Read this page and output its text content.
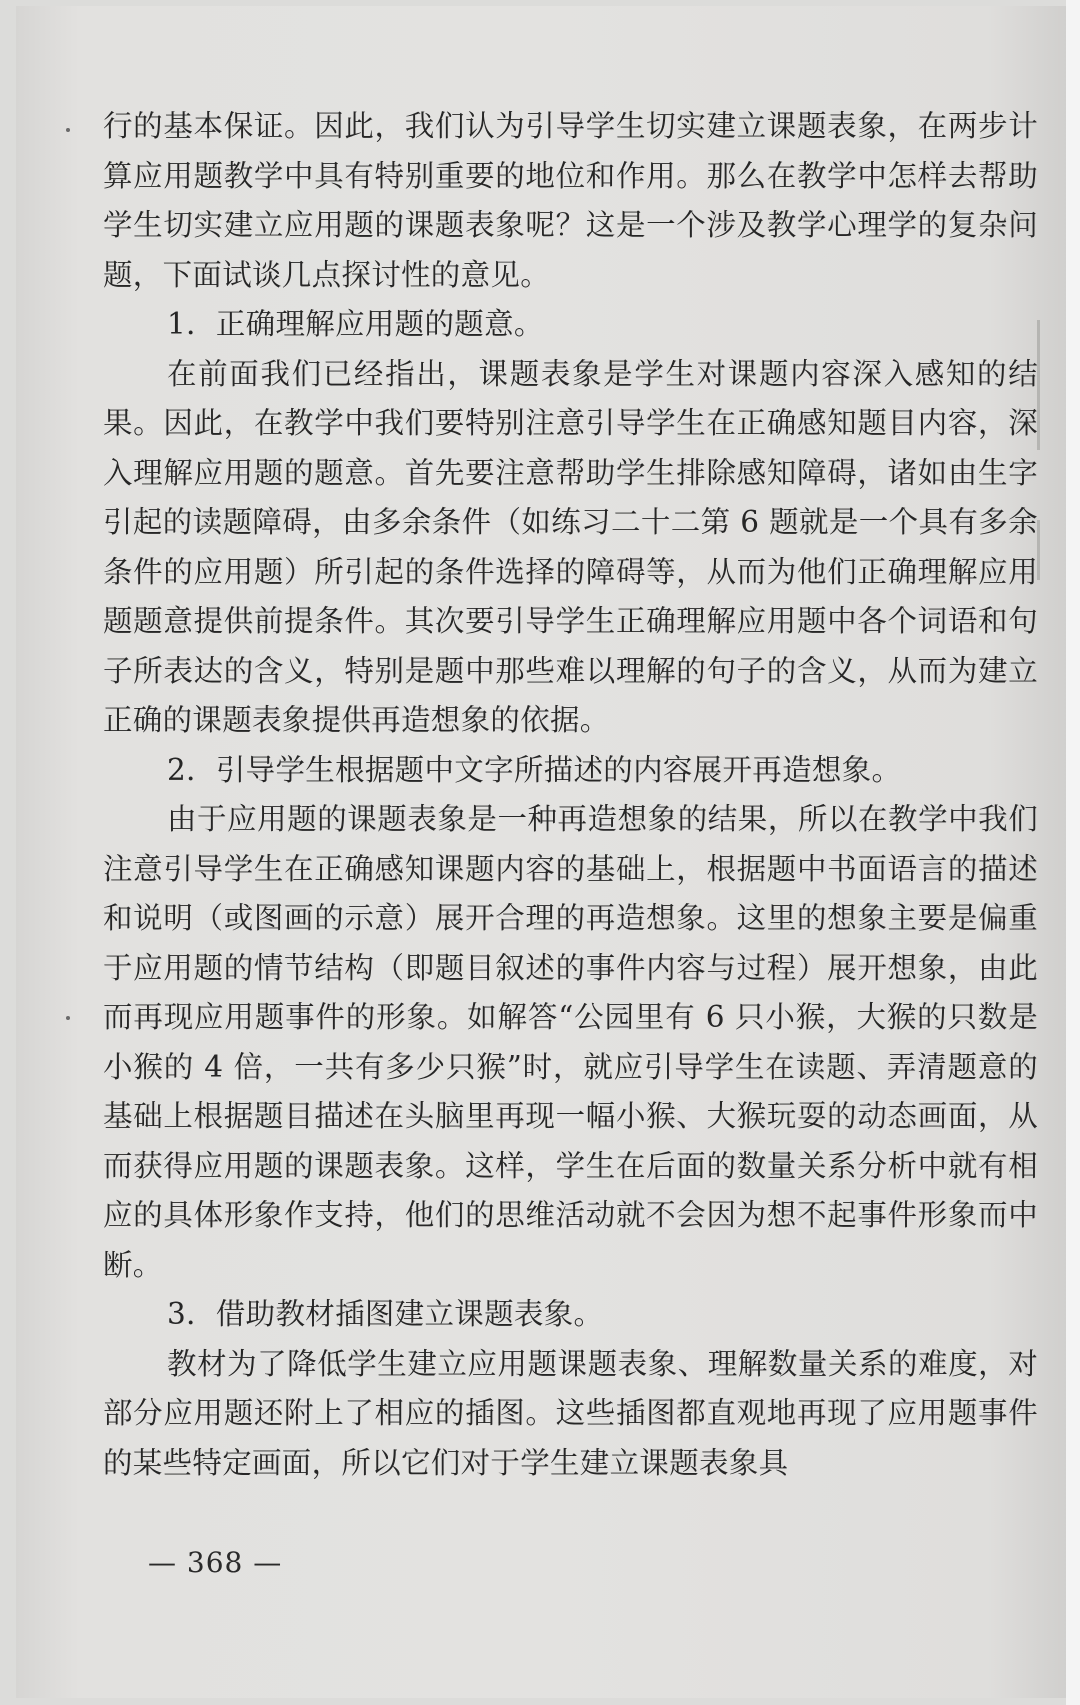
行的基本保证。因此，我们认为引导学生切实建立课题表象，在两步计算应用题教学中具有特别重要的地位和作用。那么在教学中怎样去帮助学生切实建立应用题的课题表象呢？这是一个涉及教学心理学的复杂问题，下面试谈几点探讨性的意见。

1．正确理解应用题的题意。

在前面我们已经指出，课题表象是学生对课题内容深入感知的结果。因此，在教学中我们要特别注意引导学生在正确感知题目内容，深入理解应用题的题意。首先要注意帮助学生排除感知障碍，诸如由生字引起的读题障碍，由多余条件（如练习二十二第 6 题就是一个具有多余条件的应用题）所引起的条件选择的障碍等，从而为他们正确理解应用题题意提供前提条件。其次要引导学生正确理解应用题中各个词语和句子所表达的含义，特别是题中那些难以理解的句子的含义，从而为建立正确的课题表象提供再造想象的依据。

2．引导学生根据题中文字所描述的内容展开再造想象。

由于应用题的课题表象是一种再造想象的结果，所以在教学中我们注意引导学生在正确感知课题内容的基础上，根据题中书面语言的描述和说明（或图画的示意）展开合理的再造想象。这里的想象主要是偏重于应用题的情节结构（即题目叙述的事件内容与过程）展开想象，由此而再现应用题事件的形象。如解答“公园里有 6 只小猴，大猴的只数是小猴的 4 倍，一共有多少只猴”时，就应引导学生在读题、弄清题意的基础上根据题目描述在头脑里再现一幅小猴、大猴玩耍的动态画面，从而获得应用题的课题表象。这样，学生在后面的数量关系分析中就有相应的具体形象作支持，他们的思维活动就不会因为想不起事件形象而中断。

3．借助教材插图建立课题表象。

教材为了降低学生建立应用题课题表象、理解数量关系的难度，对部分应用题还附上了相应的插图。这些插图都直观地再现了应用题事件的某些特定画面，所以它们对于学生建立课题表象具

— 368 —
